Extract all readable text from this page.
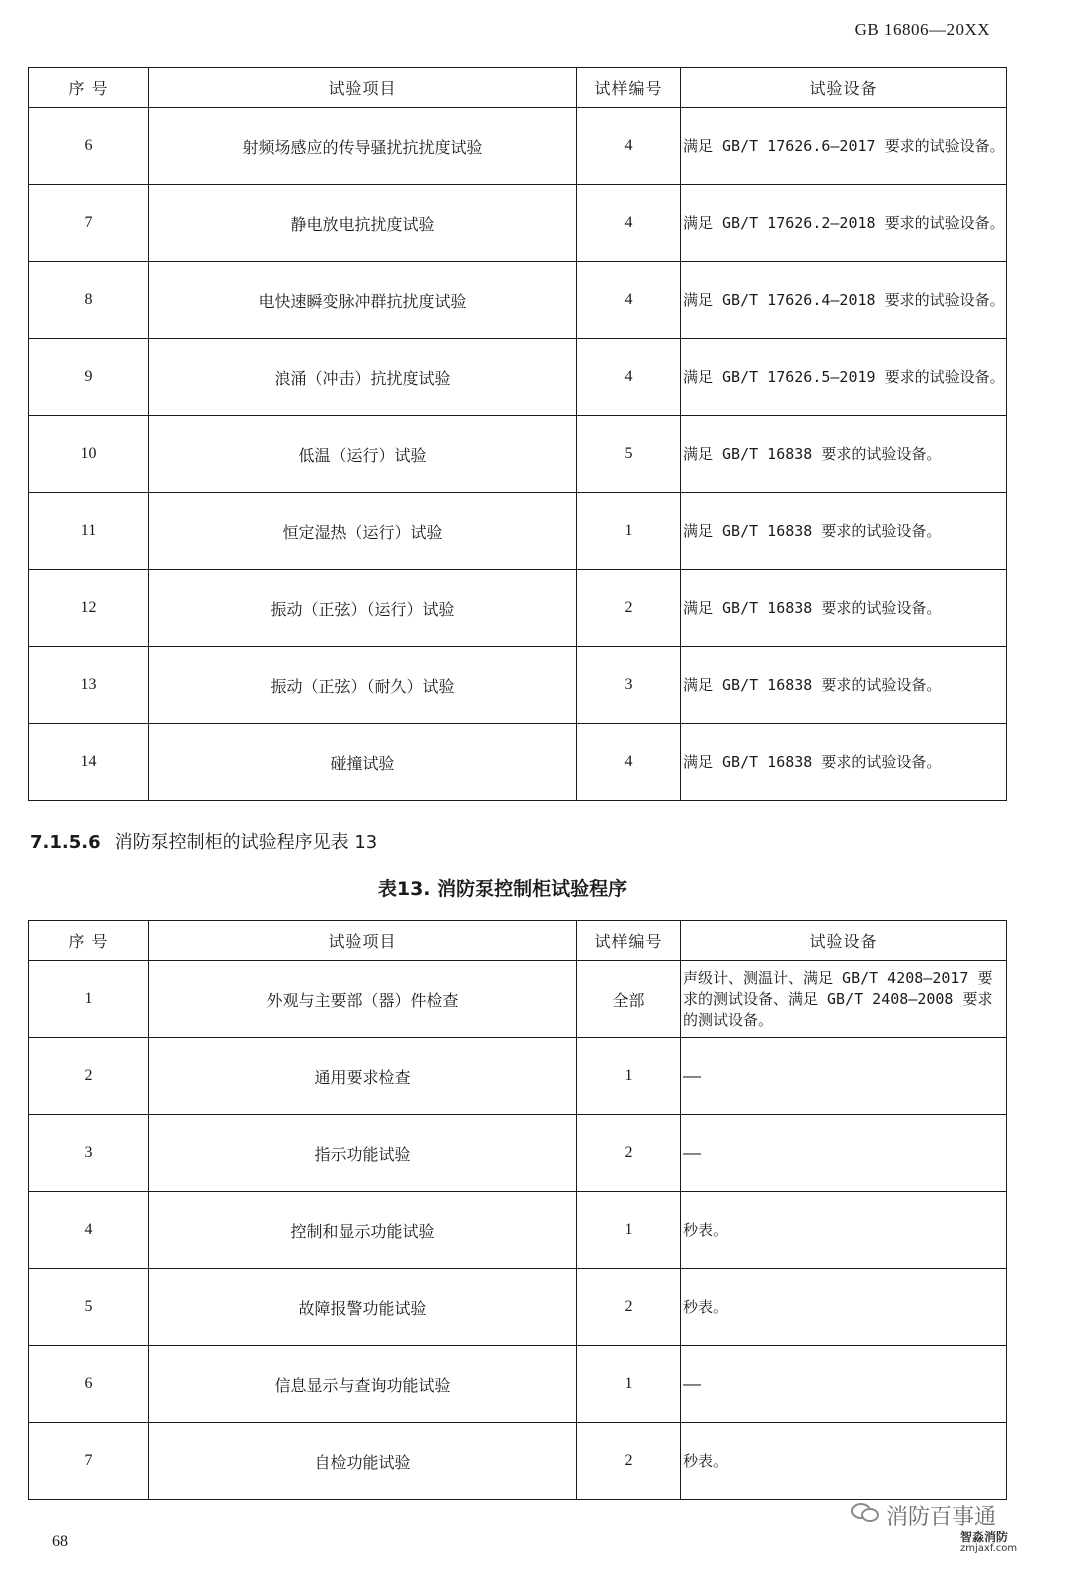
GB 16806—20XX
序 号	试验项目	试样编号	试验设备
6	射频场感应的传导骚扰抗扰度试验	4	满足 GB/T 17626.6—2017 要求的试验设备。
7	静电放电抗扰度试验	4	满足 GB/T 17626.2—2018 要求的试验设备。
8	电快速瞬变脉冲群抗扰度试验	4	满足 GB/T 17626.4—2018 要求的试验设备。
9	浪涌（冲击）抗扰度试验	4	满足 GB/T 17626.5—2019 要求的试验设备。
10	低温（运行）试验	5	满足 GB/T 16838 要求的试验设备。
11	恒定湿热（运行）试验	1	满足 GB/T 16838 要求的试验设备。
12	振动（正弦）（运行）试验	2	满足 GB/T 16838 要求的试验设备。
13	振动（正弦）（耐久）试验	3	满足 GB/T 16838 要求的试验设备。
14	碰撞试验	4	满足 GB/T 16838 要求的试验设备。
7.1.5.6 消防泵控制柜的试验程序见表 13
表13. 消防泵控制柜试验程序
序 号	试验项目	试样编号	试验设备
1	外观与主要部（器）件检查	全部	声级计、测温计、满足 GB/T 4208—2017 要求的测试设备、满足 GB/T 2408—2008 要求的测试设备。
2	通用要求检查	1	——
3	指示功能试验	2	——
4	控制和显示功能试验	1	秒表。
5	故障报警功能试验	2	秒表。
6	信息显示与查询功能试验	1	——
7	自检功能试验	2	秒表。
68
消防百事通
智淼消防
zmjaxf.com
